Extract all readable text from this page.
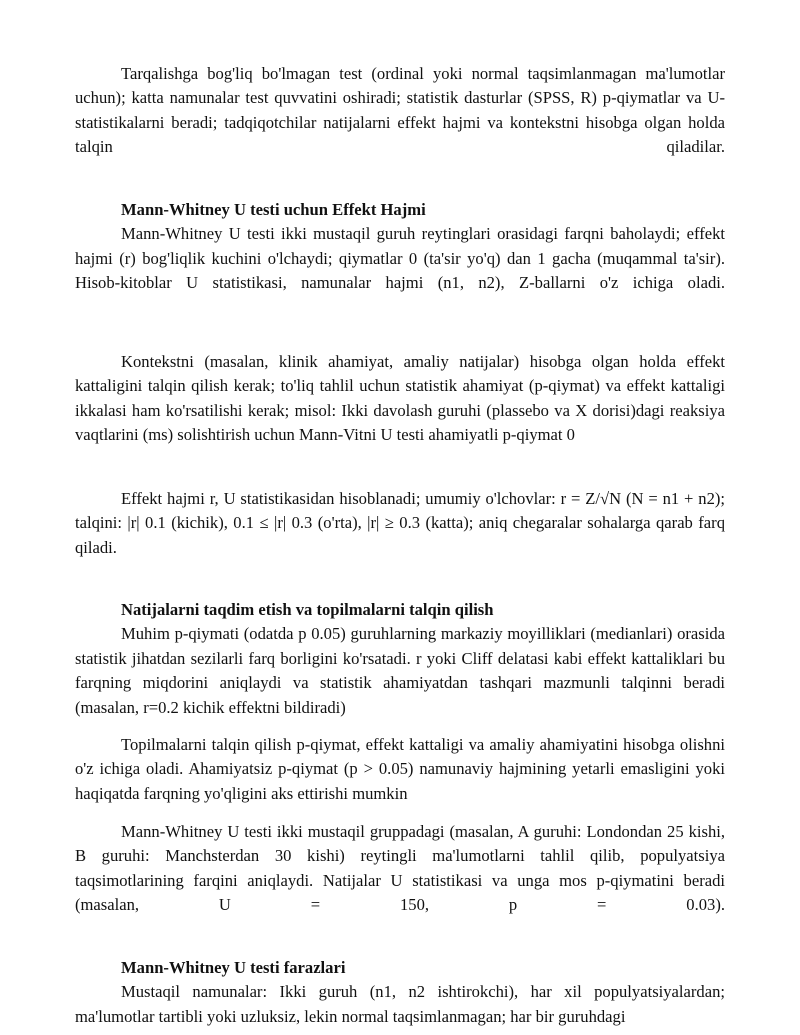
Tarqalishga bog'liq bo'lmagan test (ordinal yoki normal taqsimlanmagan ma'lumotlar uchun); katta namunalar test quvvatini oshiradi; statistik dasturlar (SPSS, R) p-qiymatlar va U-statistikalarni beradi; tadqiqotchilar natijalarni effekt hajmi va kontekstni hisobga olgan holda talqin qiladilar.

Mann-Whitney U testi uchun Effekt Hajmi

Mann-Whitney U testi ikki mustaqil guruh reytinglari orasidagi farqni baholaydi; effekt hajmi (r) bog'liqlik kuchini o'lchaydi; qiymatlar 0 (ta'sir yo'q) dan 1 gacha (muqammal ta'sir). Hisob-kitoblar U statistikasi, namunalar hajmi (n1, n2), Z-ballarni o'z ichiga oladi.

Kontekstni (masalan, klinik ahamiyat, amaliy natijalar) hisobga olgan holda effekt kattaligini talqin qilish kerak; to'liq tahlil uchun statistik ahamiyat (p-qiymat) va effekt kattaligi ikkalasi ham ko'rsatilishi kerak; misol: Ikki davolash guruhi (plassebo va X dorisi)dagi reaksiya vaqtlarini (ms) solishtirish uchun Mann-Vitni U testi ahamiyatli p-qiymat 0

Effekt hajmi r, U statistikasidan hisoblanadi; umumiy o'lchovlar: r = Z/√N (N = n1 + n2); talqini: |r| 0.1 (kichik), 0.1 ≤ |r| 0.3 (o'rta), |r| ≥ 0.3 (katta); aniq chegaralar sohalarga qarab farq qiladi.

Natijalarni taqdim etish va topilmalarni talqin qilish

Muhim p-qiymati (odatda p 0.05) guruhlarning markaziy moyilliklari (medianlari) orasida statistik jihatdan sezilarli farq borligini ko'rsatadi. r yoki Cliff delatasi kabi effekt kattaliklari bu farqning miqdorini aniqlaydi va statistik ahamiyatdan tashqari mazmunli talqinni beradi (masalan, r=0.2 kichik effektni bildiradi)

Topilmalarni talqin qilish p-qiymat, effekt kattaligi va amaliy ahamiyatini hisobga olishni o'z ichiga oladi. Ahamiyatsiz p-qiymat (p > 0.05) namunaviy hajmining yetarli emasligini yoki haqiqatda farqning yo'qligini aks ettirishi mumkin

Mann-Whitney U testi ikki mustaqil gruppadagi (masalan, A guruhi: Londondan 25 kishi, B guruhi: Manchsterdan 30 kishi) reytingli ma'lumotlarni tahlil qilib, populyatsiya taqsimotlarining farqini aniqlaydi. Natijalar U statistikasi va unga mos p-qiymatini beradi (masalan, U = 150, p = 0.03).

Mann-Whitney U testi farazlari

Mustaqil namunalar: Ikki guruh (n1, n2 ishtirokchi), har xil populyatsiyalardan; ma'lumotlar tartibli yoki uzluksiz, lekin normal taqsimlanmagan; har bir guruhdagi
